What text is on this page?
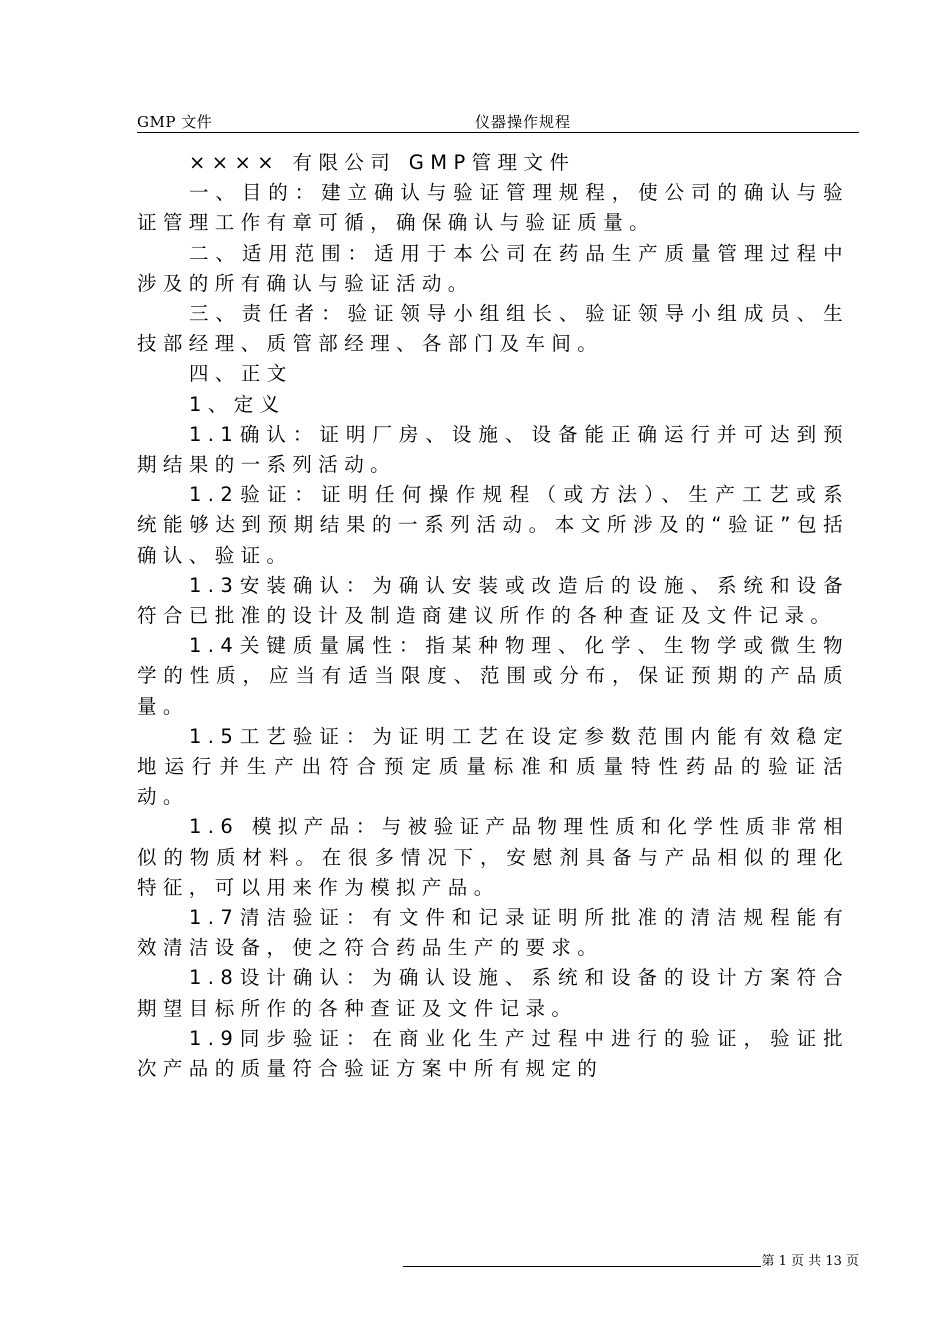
GMP 文件	仪器操作规程

×××× 有限公司 GMP管理文件

一、目的：建立确认与验证管理规程，使公司的确认与验证管理工作有章可循，确保确认与验证质量。

二、适用范围：适用于本公司在药品生产质量管理过程中涉及的所有确认与验证活动。

三、责任者：验证领导小组组长、验证领导小组成员、生技部经理、质管部经理、各部门及车间。

四、正文

1、定义

1.1确认：证明厂房、设施、设备能正确运行并可达到预期结果的一系列活动。

1.2验证：证明任何操作规程（或方法）、生产工艺或系统能够达到预期结果的一系列活动。本文所涉及的“验证”包括确认、验证。

1.3安装确认：为确认安装或改造后的设施、系统和设备符合已批准的设计及制造商建议所作的各种查证及文件记录。

1.4关键质量属性：指某种物理、化学、生物学或微生物学的性质，应当有适当限度、范围或分布，保证预期的产品质量。

1.5工艺验证：为证明工艺在设定参数范围内能有效稳定地运行并生产出符合预定质量标准和质量特性药品的验证活动。

1.6 模拟产品：与被验证产品物理性质和化学性质非常相似的物质材料。在很多情况下，安慰剂具备与产品相似的理化特征，可以用来作为模拟产品。

1.7清洁验证：有文件和记录证明所批准的清洁规程能有效清洁设备，使之符合药品生产的要求。

1.8设计确认：为确认设施、系统和设备的设计方案符合期望目标所作的各种查证及文件记录。

1.9同步验证：在商业化生产过程中进行的验证，验证批次产品的质量符合验证方案中所有规定的

第 1 页 共 13 页
